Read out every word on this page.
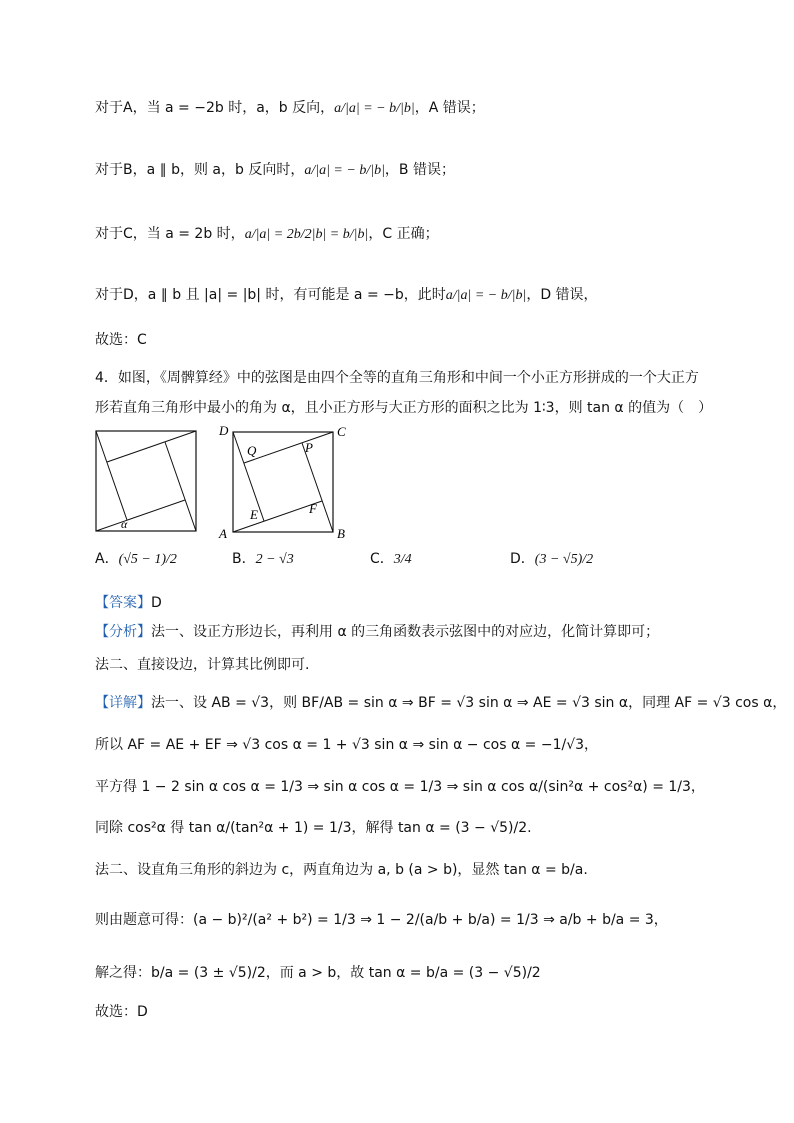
对于A，当 a = −2b 时，a，b 反向，a/|a| = − b/|b|，A 错误；
对于B，a ∥ b，则 a，b 反向时，a/|a| = − b/|b|，B 错误；
对于C，当 a = 2b 时，a/|a| = 2b/2|b| = b/|b|，C 正确；
对于D，a ∥ b 且 |a| = |b| 时，有可能是 a = −b，此时a/|a| = − b/|b|，D 错误，
故选：C
4．如图，《周髀算经》中的弦图是由四个全等的直角三角形和中间一个小正方形拼成的一个大正方
形若直角三角形中最小的角为 α，且小正方形与大正方形的面积之比为 1∶3，则 tan α 的值为（　）
α
D	C
A	B
Q	P
E	F
A．(√5 − 1)/2	B．2 − √3	C．3/4	D．(3 − √5)/2
【答案】D
【分析】法一、设正方形边长，再利用 α 的三角函数表示弦图中的对应边，化简计算即可；
法二、直接设边，计算其比例即可.
【详解】法一、设 AB = √3，则 BF/AB = sin α ⇒ BF = √3 sin α ⇒ AE = √3 sin α，同理 AF = √3 cos α，
所以 AF = AE + EF ⇒ √3 cos α = 1 + √3 sin α ⇒ sin α − cos α = −1/√3，
平方得 1 − 2 sin α cos α = 1/3 ⇒ sin α cos α = 1/3 ⇒ sin α cos α/(sin²α + cos²α) = 1/3，
同除 cos²α 得 tan α/(tan²α + 1) = 1/3，解得 tan α = (3 − √5)/2.
法二、设直角三角形的斜边为 c，两直角边为 a, b (a > b)，显然 tan α = b/a.
则由题意可得：(a − b)²/(a² + b²) = 1/3 ⇒ 1 − 2/(a/b + b/a) = 1/3 ⇒ a/b + b/a = 3，
解之得：b/a = (3 ± √5)/2，而 a > b，故 tan α = b/a = (3 − √5)/2
故选：D
